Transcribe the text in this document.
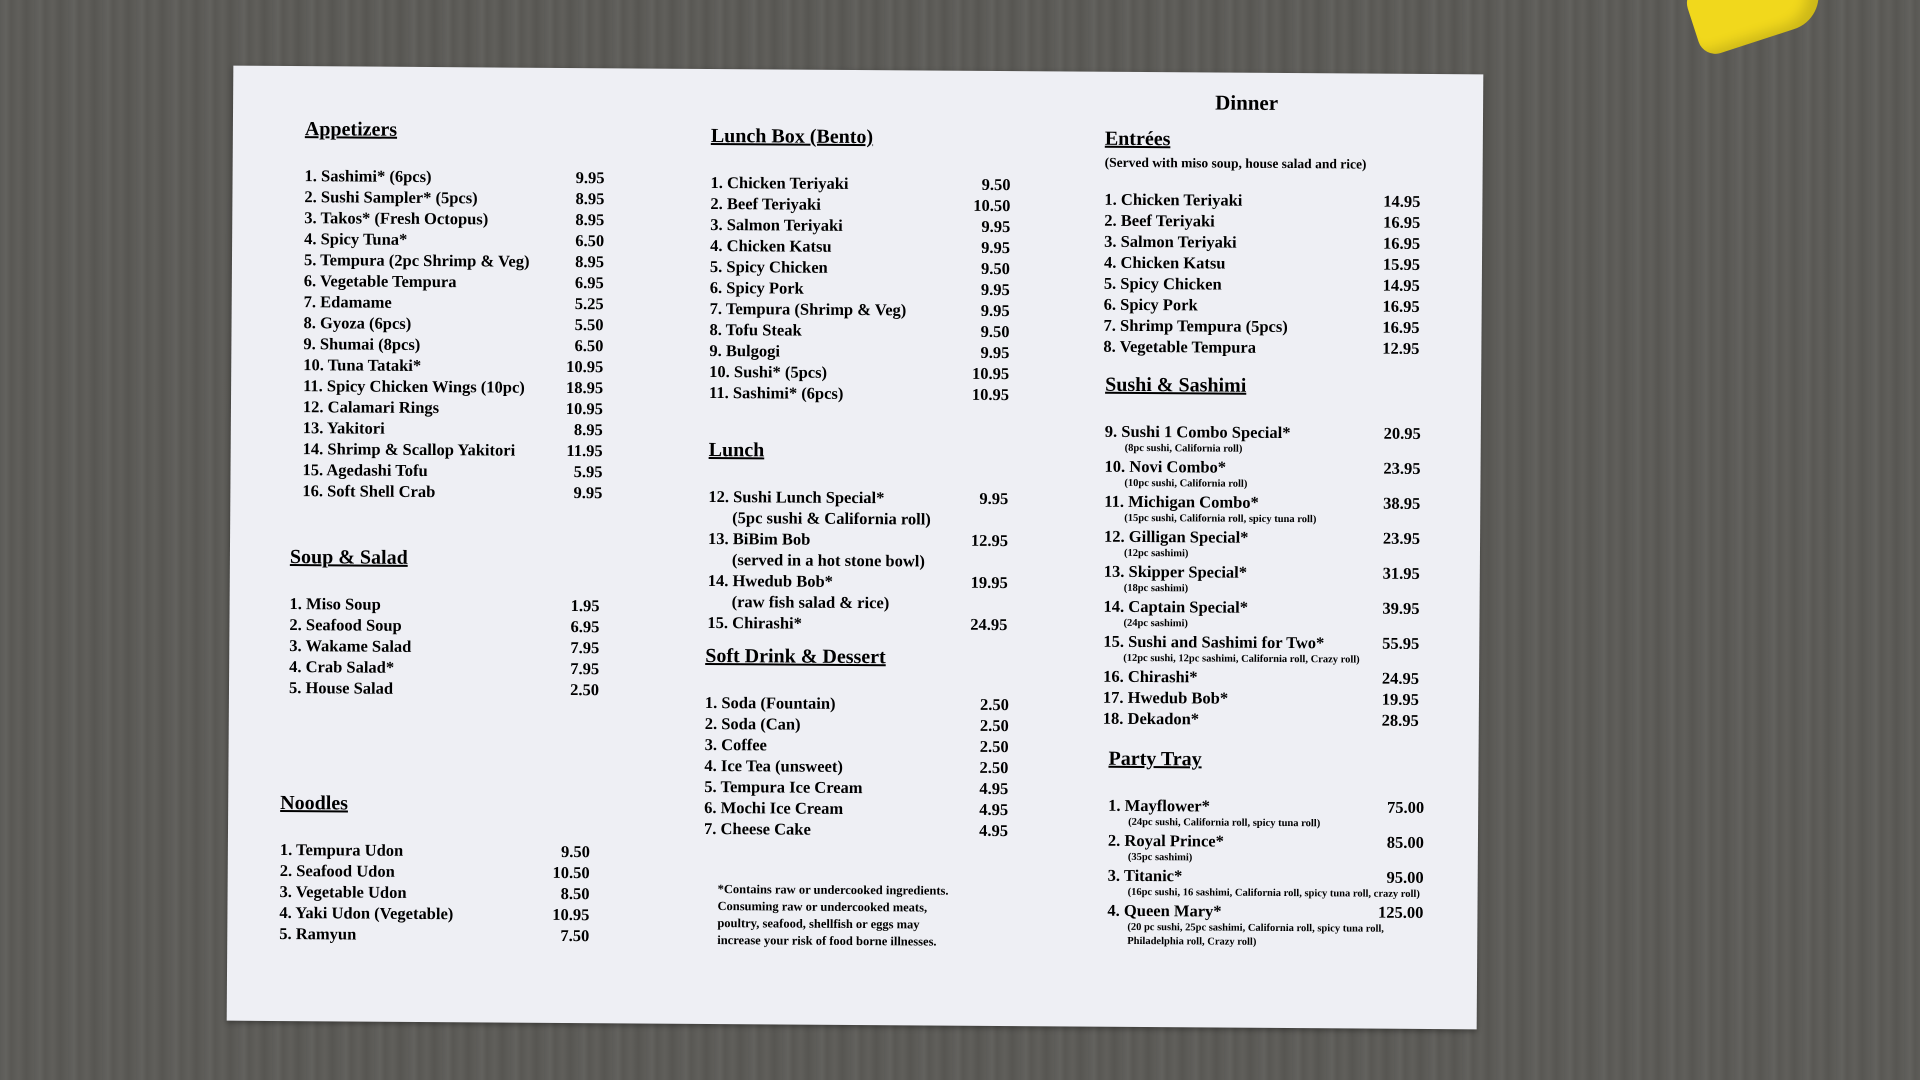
Dinner
Appetizers
1. Sashimi* (6pcs)	9.95
2. Sushi Sampler* (5pcs)	8.95
3. Takos* (Fresh Octopus)	8.95
4. Spicy Tuna*	6.50
5. Tempura (2pc Shrimp & Veg)	8.95
6. Vegetable Tempura	6.95
7. Edamame	5.25
8. Gyoza (6pcs)	5.50
9. Shumai (8pcs)	6.50
10. Tuna Tataki*	10.95
11. Spicy Chicken Wings (10pc) 18.95
12. Calamari Rings	10.95
13. Yakitori	8.95
14. Shrimp & Scallop Yakitori	11.95
15. Agedashi Tofu	5.95
16. Soft Shell Crab	9.95
Soup & Salad
1. Miso Soup	1.95
2. Seafood Soup	6.95
3. Wakame Salad	7.95
4. Crab Salad*	7.95
5. House Salad	2.50
Noodles
1. Tempura Udon	9.50
2. Seafood Udon	10.50
3. Vegetable Udon	8.50
4. Yaki Udon (Vegetable)	10.95
5. Ramyun	7.50
Lunch Box (Bento)
1. Chicken Teriyaki	9.50
2. Beef Teriyaki	10.50
3. Salmon Teriyaki	9.95
4. Chicken Katsu	9.95
5. Spicy Chicken	9.50
6. Spicy Pork	9.95
7. Tempura (Shrimp & Veg)	9.95
8. Tofu Steak	9.50
9. Bulgogi	9.95
10. Sushi* (5pcs)	10.95
11. Sashimi* (6pcs)	10.95
Lunch
12. Sushi Lunch Special*	9.95
(5pc sushi & California roll)
13. BiBim Bob	12.95
(served in a hot stone bowl)
14. Hwedub Bob*	19.95
(raw fish salad & rice)
15. Chirashi*	24.95
Soft Drink & Dessert
1. Soda (Fountain)	2.50
2. Soda (Can)	2.50
3. Coffee	2.50
4. Ice Tea (unsweet)	2.50
5. Tempura Ice Cream	4.95
6. Mochi Ice Cream	4.95
7. Cheese Cake	4.95
*Contains raw or undercooked ingredients.
Consuming raw or undercooked meats,
poultry, seafood, shellfish or eggs may
increase your risk of food borne illnesses.
Entrées
(Served with miso soup, house salad and rice)
1. Chicken Teriyaki	14.95
2. Beef Teriyaki	16.95
3. Salmon Teriyaki	16.95
4. Chicken Katsu	15.95
5. Spicy Chicken	14.95
6. Spicy Pork	16.95
7. Shrimp Tempura (5pcs)	16.95
8. Vegetable Tempura	12.95
Sushi & Sashimi
9. Sushi 1 Combo Special*	20.95
(8pc sushi, California roll)
10. Novi Combo*	23.95
(10pc sushi, California roll)
11. Michigan Combo*	38.95
(15pc sushi, California roll, spicy tuna roll)
12. Gilligan Special*	23.95
(12pc sashimi)
13. Skipper Special*	31.95
(18pc sashimi)
14. Captain Special*	39.95
(24pc sashimi)
15. Sushi and Sashimi for Two*	55.95
(12pc sushi, 12pc sashimi, California roll, Crazy roll)
16. Chirashi*	24.95
17. Hwedub Bob*	19.95
18. Dekadon*	28.95
Party Tray
1. Mayflower*	75.00
(24pc sushi, California roll, spicy tuna roll)
2. Royal Prince*	85.00
(35pc sashimi)
3. Titanic*	95.00
(16pc sushi, 16 sashimi, California roll, spicy tuna roll, crazy roll)
4. Queen Mary*	125.00
(20 pc sushi, 25pc sashimi, California roll, spicy tuna roll, Philadelphia roll, Crazy roll)
